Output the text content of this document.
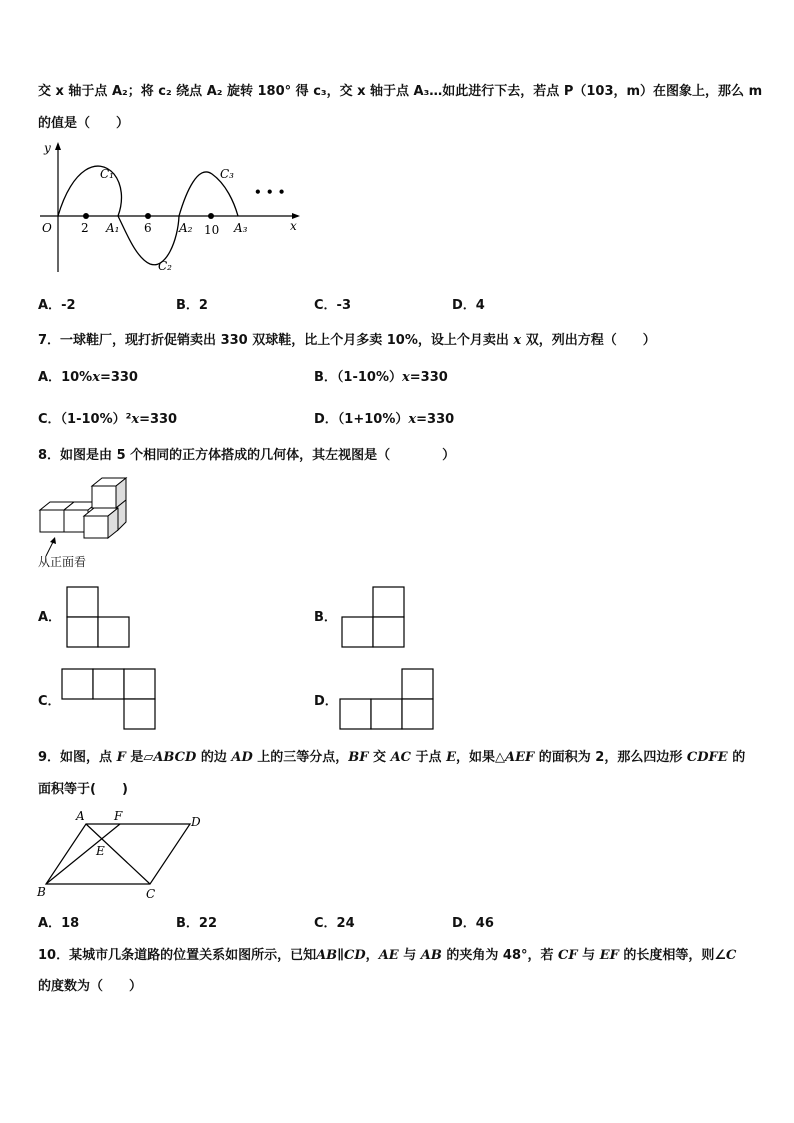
交 x 轴于点 A₂；将 c₂ 绕点 A₂ 旋转 180° 得 c₃，交 x 轴于点 A₃…如此进行下去，若点 P（103，m）在图象上，那么 m
的值是（　　）
y
x
O 2 A₁ 6 A₂ 10 A₃
C₁
C₂
C₃
• • •
A．-2	B．2	C．-3	D．4
7．一球鞋厂，现打折促销卖出 330 双球鞋，比上个月多卖 10%，设上个月卖出 x 双，列出方程（　　）
A．10%x=330	B．（1-10%）x=330
C．（1-10%）²x=330	D．（1+10%）x=330
8．如图是由 5 个相同的正方体搭成的几何体，其左视图是（　　　　）
从正面看
A．	B．
C．	D．
9．如图，点 F 是▱ABCD 的边 AD 上的三等分点，BF 交 AC 于点 E，如果△AEF 的面积为 2，那么四边形 CDFE 的
面积等于(　　)
A F	D
E
B	C
A．18	B．22	C．24	D．46
10．某城市几条道路的位置关系如图所示，已知AB∥CD，AE 与 AB 的夹角为 48°，若 CF 与 EF 的长度相等，则∠C
的度数为（　　）
